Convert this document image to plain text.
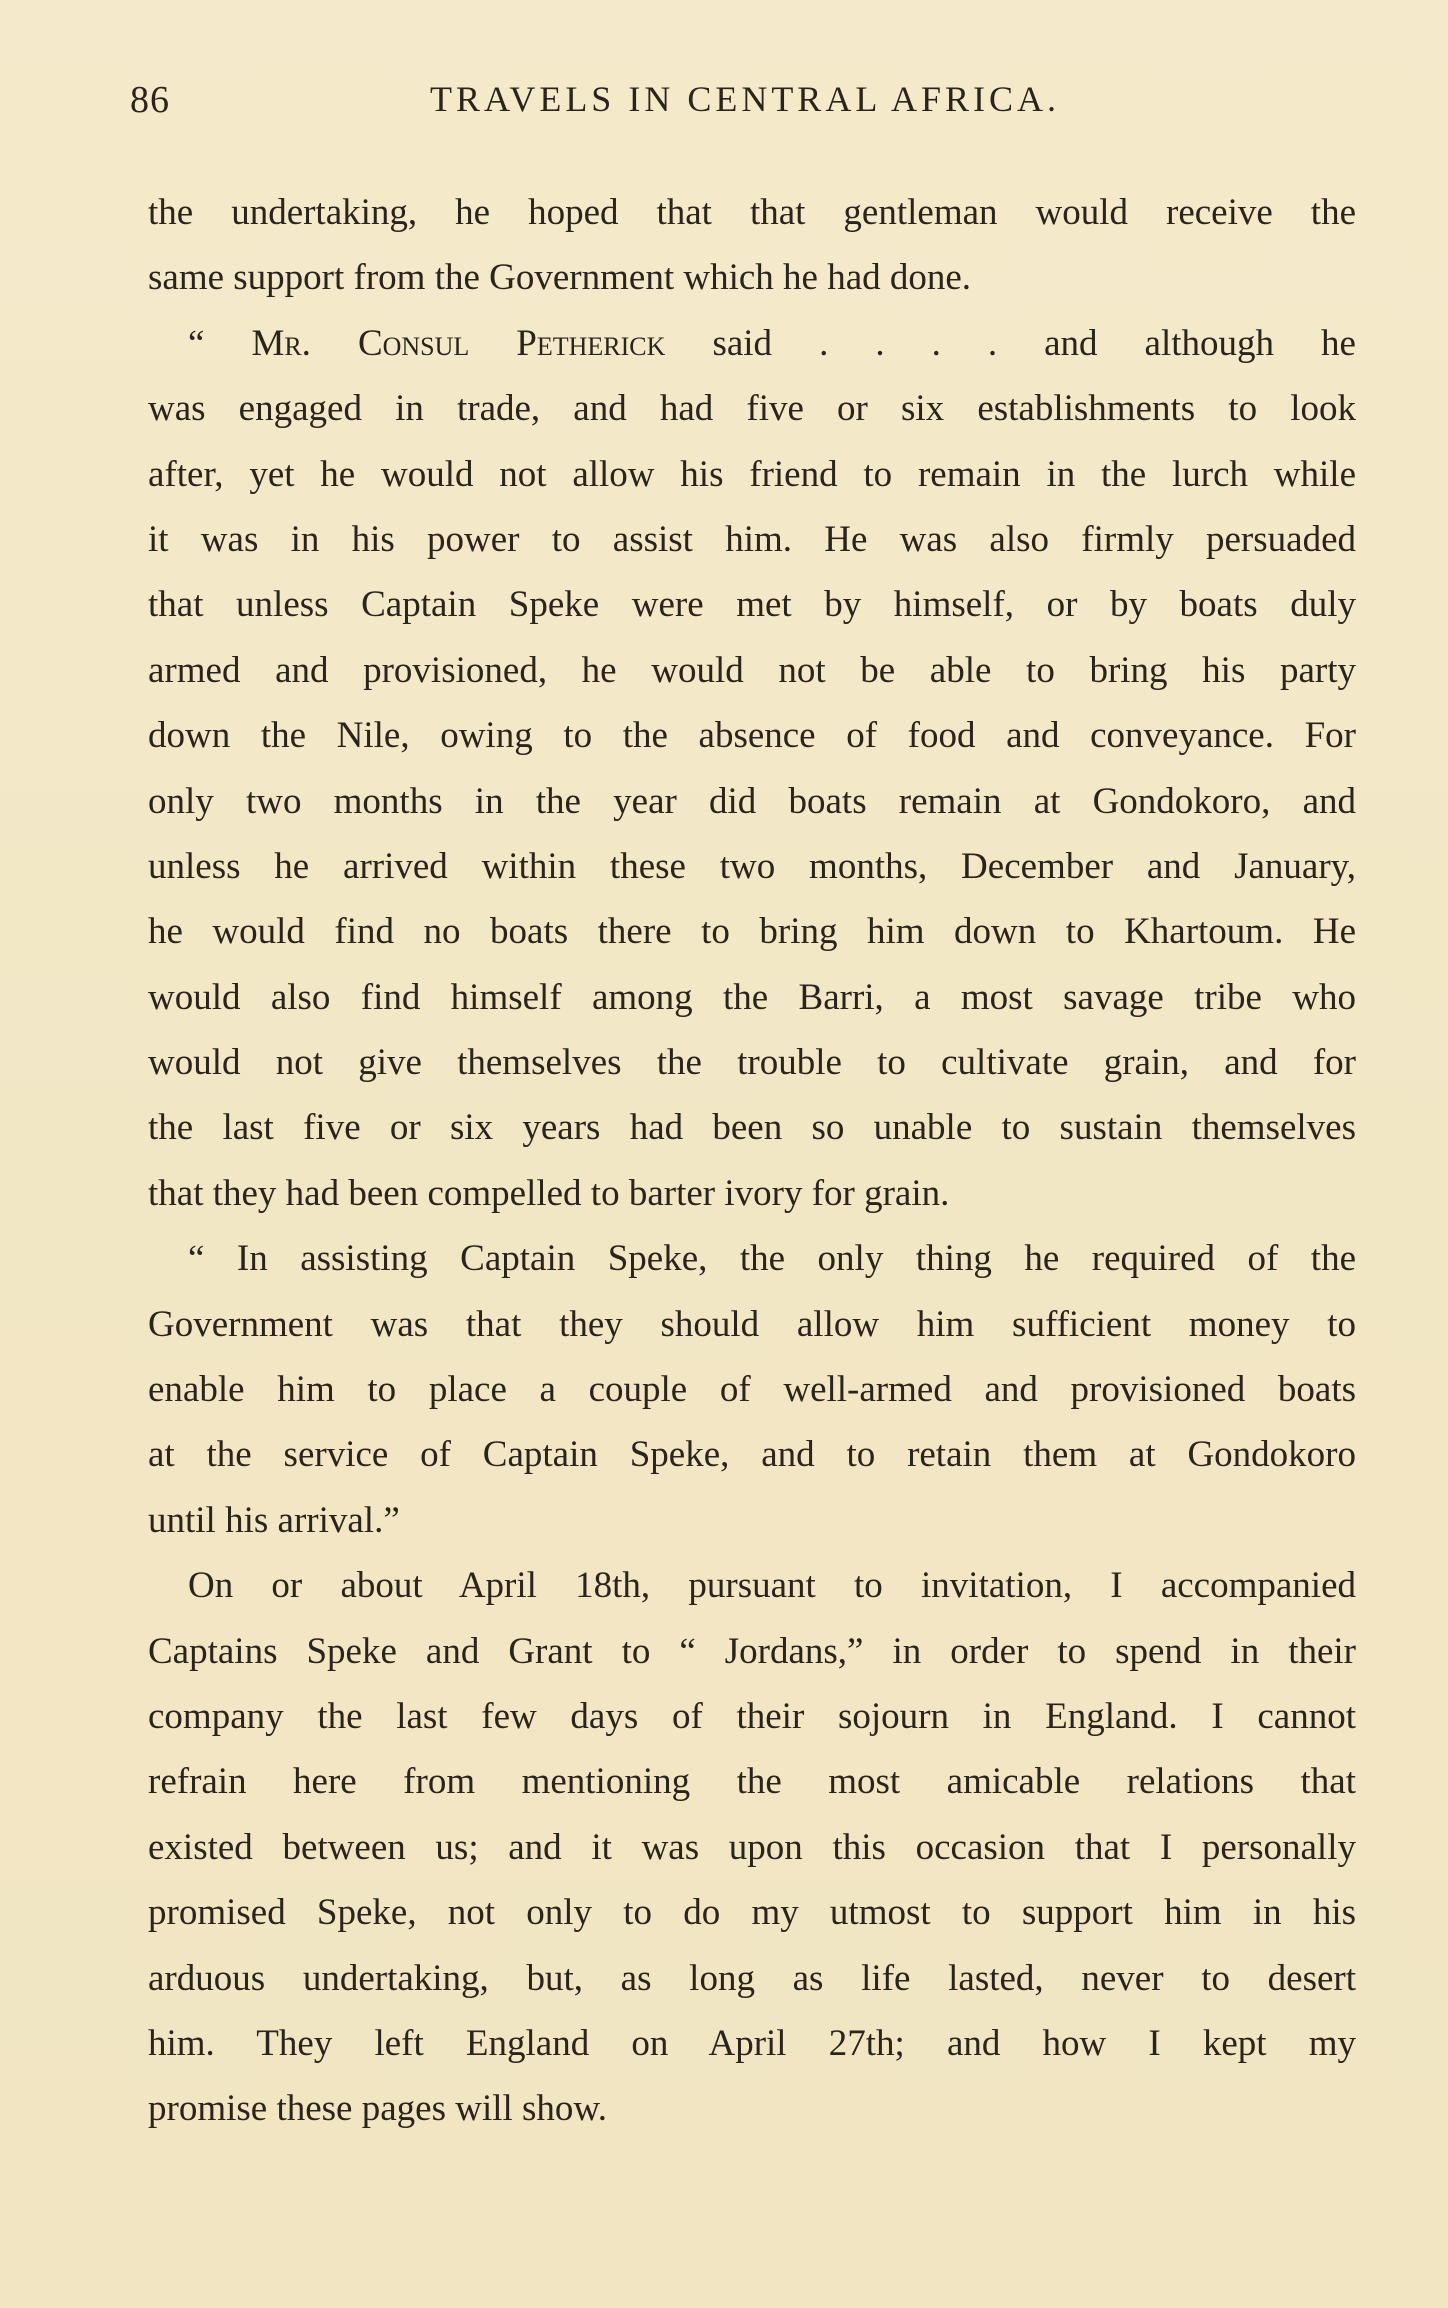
86	TRAVELS IN CENTRAL AFRICA.
the undertaking, he hoped that that gentleman would receive the
same support from the Government which he had done.
“ Mr. Consul Petherick said . . . . and although he
was engaged in trade, and had five or six establishments to look
after, yet he would not allow his friend to remain in the lurch while
it was in his power to assist him. He was also firmly persuaded
that unless Captain Speke were met by himself, or by boats duly
armed and provisioned, he would not be able to bring his party
down the Nile, owing to the absence of food and conveyance. For
only two months in the year did boats remain at Gondokoro, and
unless he arrived within these two months, December and January,
he would find no boats there to bring him down to Khartoum. He
would also find himself among the Barri, a most savage tribe who
would not give themselves the trouble to cultivate grain, and for
the last five or six years had been so unable to sustain themselves
that they had been compelled to barter ivory for grain.
“ In assisting Captain Speke, the only thing he required of the
Government was that they should allow him sufficient money to
enable him to place a couple of well-armed and provisioned boats
at the service of Captain Speke, and to retain them at Gondokoro
until his arrival.”
On or about April 18th, pursuant to invitation, I accompanied
Captains Speke and Grant to “ Jordans,” in order to spend in their
company the last few days of their sojourn in England. I cannot
refrain here from mentioning the most amicable relations that
existed between us; and it was upon this occasion that I personally
promised Speke, not only to do my utmost to support him in his
arduous undertaking, but, as long as life lasted, never to desert
him. They left England on April 27th; and how I kept my
promise these pages will show.
